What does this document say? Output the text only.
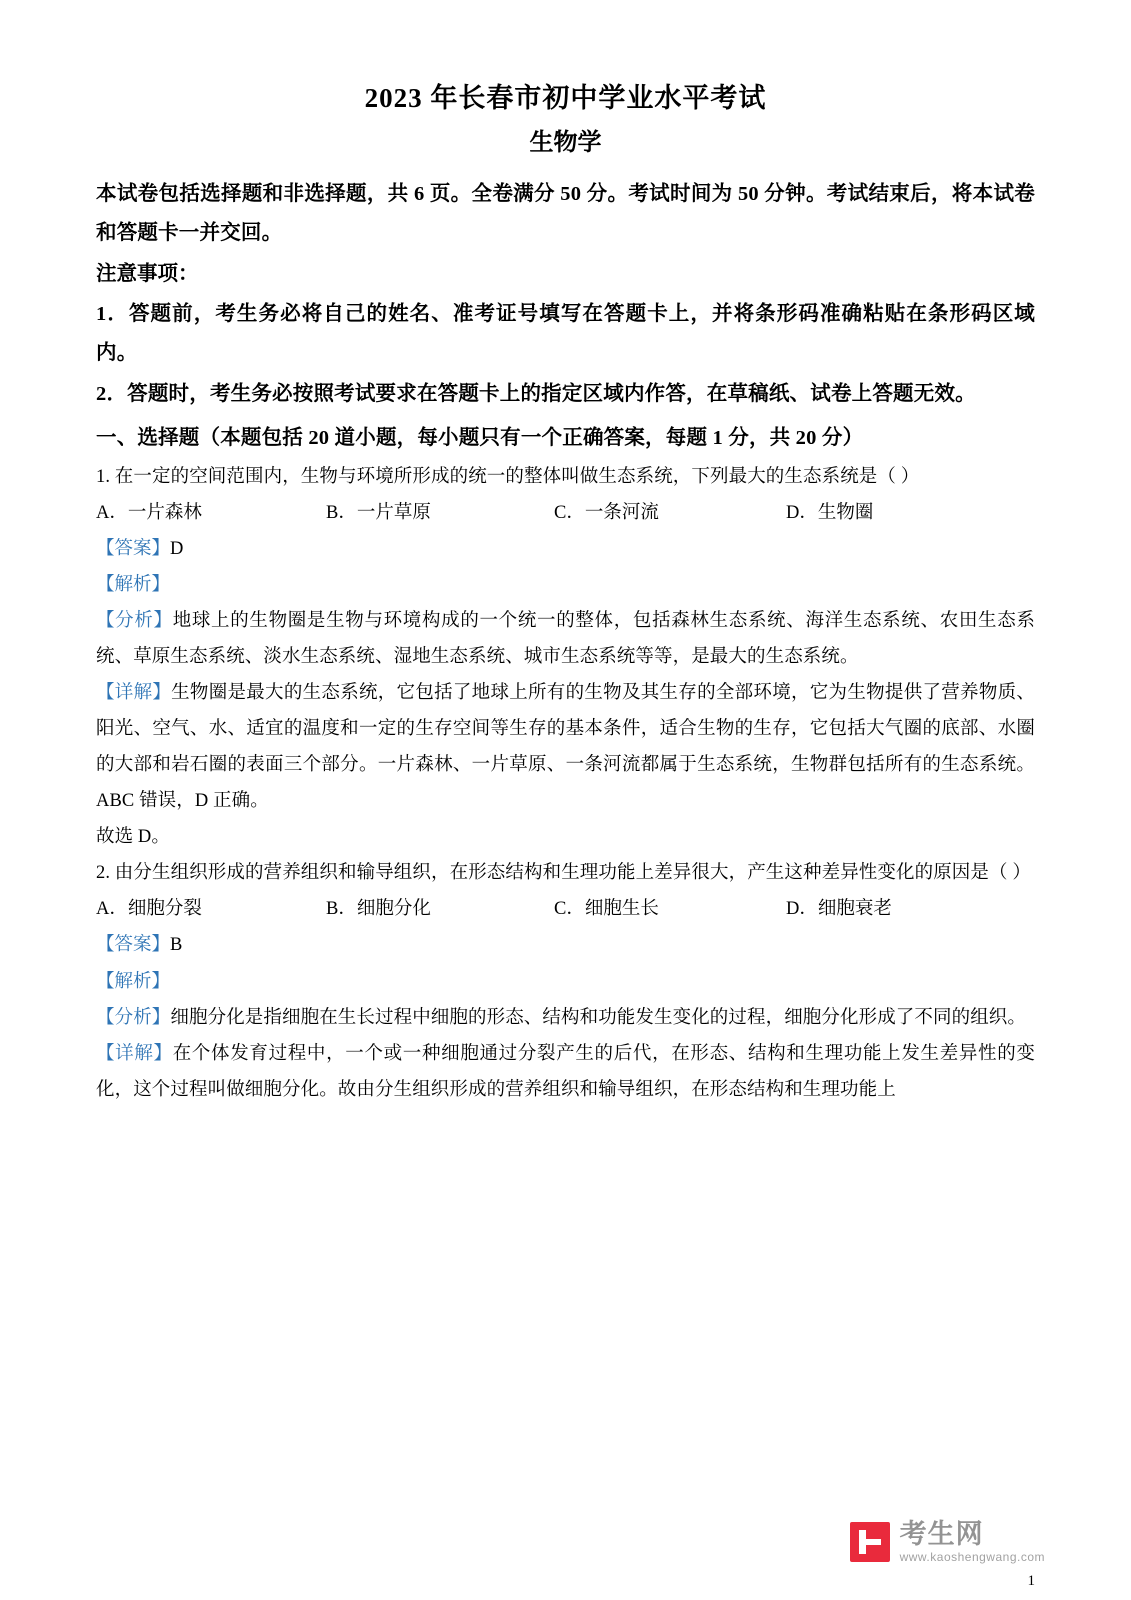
2023 年长春市初中学业水平考试
生物学

本试卷包括选择题和非选择题，共 6 页。全卷满分 50 分。考试时间为 50 分钟。考试结束后，将本试卷和答题卡一并交回。

注意事项：

1．答题前，考生务必将自己的姓名、准考证号填写在答题卡上，并将条形码准确粘贴在条形码区域内。

2．答题时，考生务必按照考试要求在答题卡上的指定区域内作答，在草稿纸、试卷上答题无效。

一、选择题（本题包括 20 道小题，每小题只有一个正确答案，每题 1 分，共 20 分）

1. 在一定的空间范围内，生物与环境所形成的统一的整体叫做生态系统，下列最大的生态系统是（ ）

A．一片森林	B．一片草原	C．一条河流	D．生物圈

【答案】D

【解析】

【分析】地球上的生物圈是生物与环境构成的一个统一的整体，包括森林生态系统、海洋生态系统、农田生态系统、草原生态系统、淡水生态系统、湿地生态系统、城市生态系统等等，是最大的生态系统。

【详解】生物圈是最大的生态系统，它包括了地球上所有的生物及其生存的全部环境，它为生物提供了营养物质、阳光、空气、水、适宜的温度和一定的生存空间等生存的基本条件，适合生物的生存，它包括大气圈的底部、水圈的大部和岩石圈的表面三个部分。一片森林、一片草原、一条河流都属于生态系统，生物群包括所有的生态系统。ABC 错误，D 正确。

故选 D。

2. 由分生组织形成的营养组织和输导组织，在形态结构和生理功能上差异很大，产生这种差异性变化的原因是（ ）

A．细胞分裂	B．细胞分化	C．细胞生长	D．细胞衰老

【答案】B

【解析】

【分析】细胞分化是指细胞在生长过程中细胞的形态、结构和功能发生变化的过程，细胞分化形成了不同的组织。

【详解】在个体发育过程中，一个或一种细胞通过分裂产生的后代，在形态、结构和生理功能上发生差异性的变化，这个过程叫做细胞分化。故由分生组织形成的营养组织和输导组织，在形态结构和生理功能上

考生网
www.kaoshengwang.com
1
